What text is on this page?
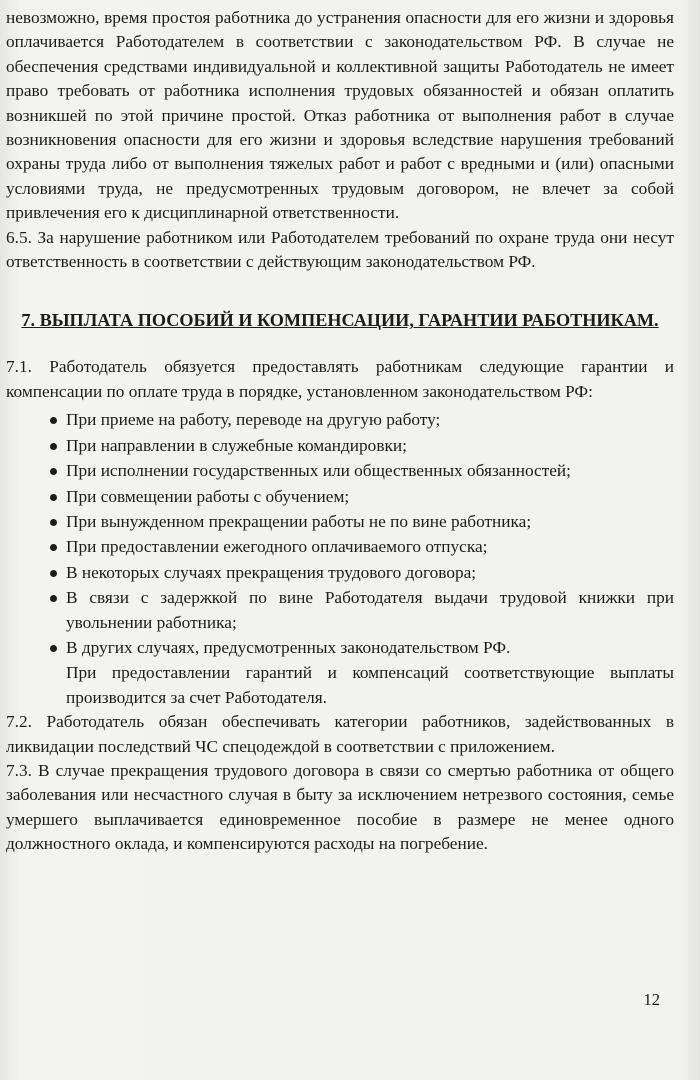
невозможно, время простоя работника до устранения опасности для его жизни и здоровья оплачивается Работодателем в соответствии с законодательством РФ. В случае не обеспечения средствами индивидуальной и коллективной защиты Работодатель не имеет право требовать от работника исполнения трудовых обязанностей и обязан оплатить возникшей по этой причине простой. Отказ работника от выполнения работ в случае возникновения опасности для его жизни и здоровья вследствие нарушения требований охраны труда либо от выполнения тяжелых работ и работ с вредными и (или) опасными условиями труда, не предусмотренных трудовым договором, не влечет за собой привлечения его к дисциплинарной ответственности.

6.5. За нарушение работником или Работодателем требований по охране труда они несут ответственность в соответствии с действующим законодательством РФ.

7. ВЫПЛАТА ПОСОБИЙ И КОМПЕНСАЦИИ, ГАРАНТИИ РАБОТНИКАМ.

7.1. Работодатель обязуется предоставлять работникам следующие гарантии и компенсации по оплате труда в порядке, установленном законодательством РФ:

При приеме на работу, переводе на другую работу;
При направлении в служебные командировки;
При исполнении государственных или общественных обязанностей;
При совмещении работы с обучением;
При вынужденном прекращении работы не по вине работника;
При предоставлении ежегодного оплачиваемого отпуска;
В некоторых случаях прекращения трудового договора;
В связи с задержкой по вине Работодателя выдачи трудовой книжки при увольнении работника;
В других случаях, предусмотренных законодательством РФ.
При предоставлении гарантий и компенсаций соответствующие выплаты производится за счет Работодателя.

7.2. Работодатель обязан обеспечивать категории работников, задействованных в ликвидации последствий ЧС спецодеждой в соответствии с приложением.

7.3. В случае прекращения трудового договора в связи со смертью работника от общего заболевания или несчастного случая в быту за исключением нетрезвого состояния, семье умершего выплачивается единовременное пособие в размере не менее одного должностного оклада, и компенсируются расходы на погребение.

12
